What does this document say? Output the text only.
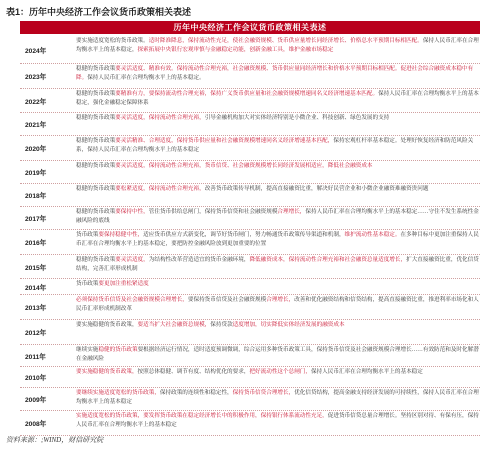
表1：历年中央经济工作会议货币政策相关表述
历年中央经济工作会议货币政策相关表述
2024年
要实施适度宽松的货币政策。适时降准降息，保持流动性充足，使社会融资规模、货币供应量增长同经济增长、价格总水平预期目标相匹配。保持人民币汇率在合理均衡水平上的基本稳定，探索拓展中央银行宏观审慎与金融稳定功能，创新金融工具，维护金融市场稳定
2023年
稳健的货币政策要灵活适度、精准有效。保持流动性合理充裕，社会融资规模、货币供应量同经济增长和价格水平预期目标相匹配。促进社会综合融资成本稳中有降。保持人民币汇率在合理均衡水平上的基本稳定。
2022年
稳健的货币政策要精准有力，要保持流动性合理充裕，保持广义货币供应量和社会融资规模增速同名义经济增速基本匹配。保持人民币汇率在合理均衡水平上的基本稳定，强化金融稳定保障体系
2021年
稳健的货币政策要灵活适度，保持流动性合理充裕，引导金融机构加大对实体经济特别是小微企业、科技创新、绿色发展的支持
2020年
稳健的货币政策要灵活精准、合理适度，保持货币供应量和社会融资规模增速同名义经济增速基本匹配，保持宏观杠杆率基本稳定。处理好恢复经济和防范风险关系，保持人民币汇率在合理均衡水平上的基本稳定
2019年
稳健的货币政策要灵活适度，保持流动性合理充裕，货币信贷、社会融资规模增长同经济发展相适应，降低社会融资成本
2018年
稳健的货币政策要松紧适度，保持流动性合理充裕，改善货币政策传导机制，提高直接融资比重，解决好民营企业和小微企业融资难融资贵问题
2017年
稳健的货币政策要保持中性，管住货币供给总闸门，保持货币信贷和社会融资规模合理增长，保持人民币汇率在合理均衡水平上的基本稳定……守住不发生系统性金融风险的底线
2016年
货币政策要保持稳健中性，适应货币供应方式新变化，调节好货币闸门，努力畅通货币政策传导渠道和机制，维护流动性基本稳定。在多种目标中更加注重保持人民币汇率在合理均衡水平上的基本稳定，要把防控金融风险放到更加重要的位置
2015年
稳健的货币政策要灵活适度，为结构性改革营造适宜的货币金融环境，降低融资成本，保持流动性合理充裕和社会融资总量适度增长，扩大直接融资比重，优化信贷结构，完善汇率形成机制
2014年
货币政策要更加注重松紧适度
2013年
必须保持货币信贷及社会融资规模合理增长，要保持货币信贷及社会融资规模合理增长，改善和优化融资结构和信贷结构，提高直接融资比重，推进利率市场化和人民币汇率形成机制改革
2012年
要实施稳健的货币政策，要适当扩大社会融资总规模，保持贷款适度增加，切实降低实体经济发展的融资成本
2011年
继续实施稳健的货币政策要根据经济运行情况，适时适度预调微调，综合运用多种货币政策工具，保持货币信贷及社会融资规模合理增长……有效防范和及时化解潜在金融风险
2010年
要实施稳健的货币政策，按照总体稳健、调节有度、结构优化的要求，把好流动性这个总闸门，保持人民币汇率在合理均衡水平上的基本稳定
2009年
要继续实施适度宽松的货币政策，保持政策的连续性和稳定性，保持货币信贷合理增长，优化信贷结构，提高金融支持经济发展的可持续性，保持人民币汇率在合理均衡水平上的基本稳定
2008年
实施适度宽松的货币政策，要发挥货币政策在稳定经济增长中的积极作用，保持银行体系流动性充足，促进货币信贷总量合理增长。坚持区别对待、有保有压，保持人民币汇率在合理均衡水平上的基本稳定
资料来源：;WIND，财信研究院
